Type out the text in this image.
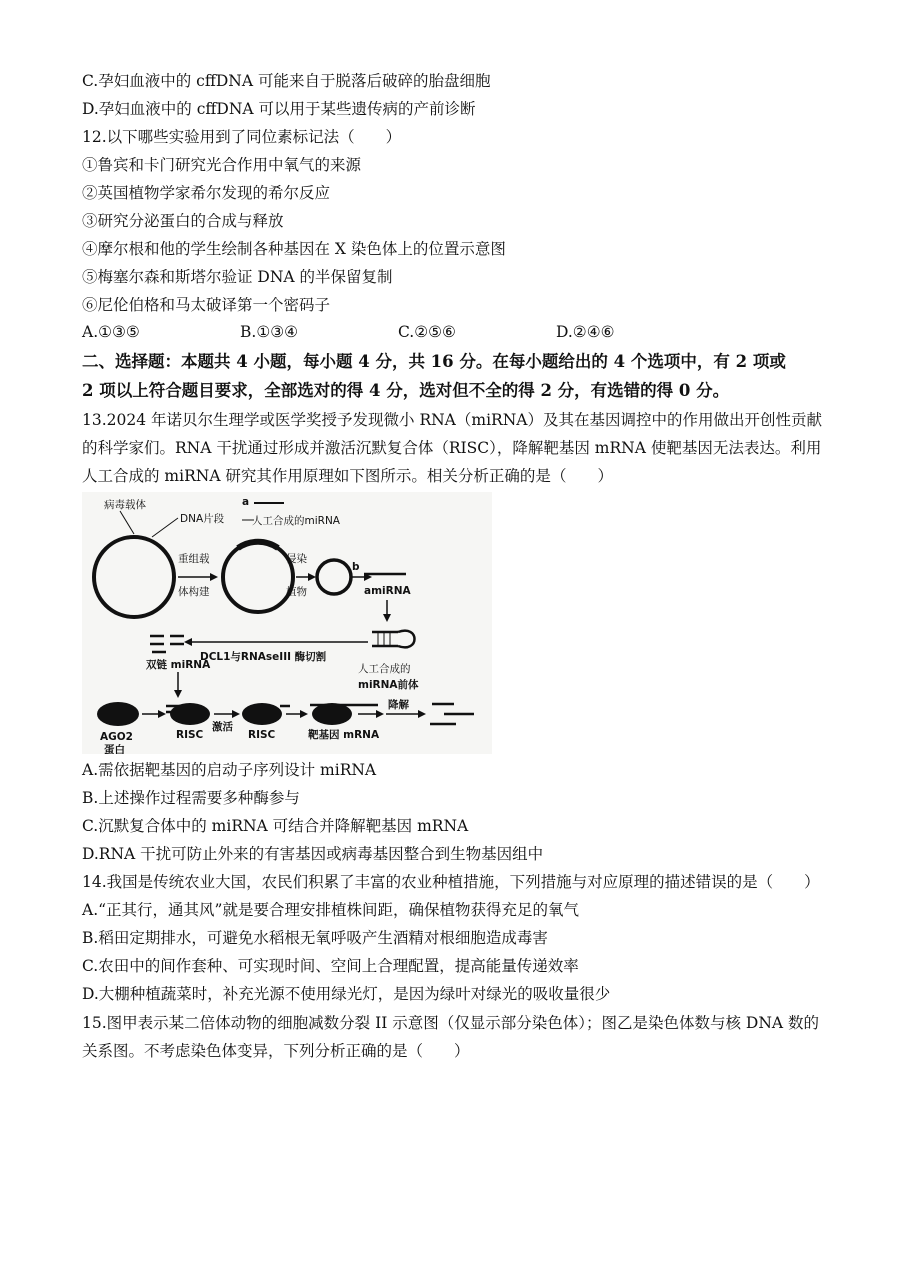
C.孕妇血液中的 cffDNA 可能来自于脱落后破碎的胎盘细胞
D.孕妇血液中的 cffDNA 可以用于某些遗传病的产前诊断
12.以下哪些实验用到了同位素标记法（　　）
①鲁宾和卡门研究光合作用中氧气的来源
②英国植物学家希尔发现的希尔反应
③研究分泌蛋白的合成与释放
④摩尔根和他的学生绘制各种基因在 X 染色体上的位置示意图
⑤梅塞尔森和斯塔尔验证 DNA 的半保留复制
⑥尼伦伯格和马太破译第一个密码子
A.①③⑤	B.①③④	C.②⑤⑥	D.②④⑥
二、选择题：本题共 4 小题，每小题 4 分，共 16 分。在每小题给出的 4 个选项中，有 2 项或
2 项以上符合题目要求，全部选对的得 4 分，选对但不全的得 2 分，有选错的得 0 分。
13.2024 年诺贝尔生理学或医学奖授予发现微小 RNA（miRNA）及其在基因调控中的作用做出开创性贡献
的科学家们。RNA 干扰通过形成并激活沉默复合体（RISC），降解靶基因 mRNA 使靶基因无法表达。利用
人工合成的 miRNA 研究其作用原理如下图所示。相关分析正确的是（　　）
病毒载体
DNA片段
a
人工合成的miRNA
重组载
体构建
侵染
植物
b
amiRNA
人工合成的
miRNA前体
DCL1与RNAseIII 酶切割
双链 miRNA
AGO2
蛋白
RISC
激活
RISC	靶基因 mRNA
降解
A.需依据靶基因的启动子序列设计 miRNA
B.上述操作过程需要多种酶参与
C.沉默复合体中的 miRNA 可结合并降解靶基因 mRNA
D.RNA 干扰可防止外来的有害基因或病毒基因整合到生物基因组中
14.我国是传统农业大国，农民们积累了丰富的农业种植措施，下列措施与对应原理的描述错误的是（　　）
A.“正其行，通其风”就是要合理安排植株间距，确保植物获得充足的氧气
B.稻田定期排水，可避免水稻根无氧呼吸产生酒精对根细胞造成毒害
C.农田中的间作套种、可实现时间、空间上合理配置，提高能量传递效率
D.大棚种植蔬菜时，补充光源不使用绿光灯，是因为绿叶对绿光的吸收量很少
15.图甲表示某二倍体动物的细胞减数分裂 II 示意图（仅显示部分染色体）；图乙是染色体数与核 DNA 数的
关系图。不考虑染色体变异，下列分析正确的是（　　）
